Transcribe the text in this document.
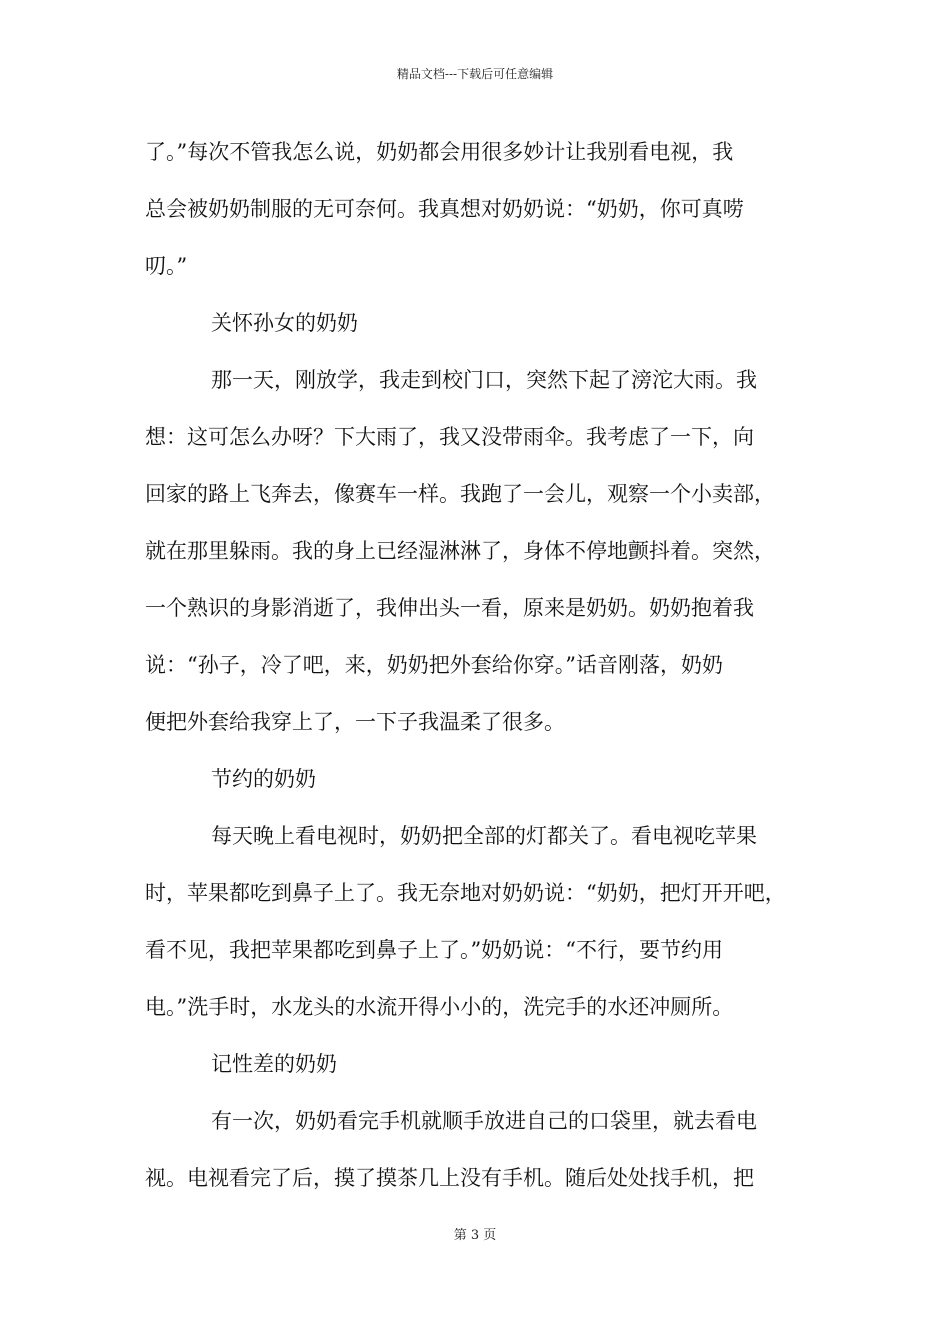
精品文档---下载后可任意编辑
了。”每次不管我怎么说，奶奶都会用很多妙计让我别看电视，我
总会被奶奶制服的无可奈何。我真想对奶奶说：“奶奶，你可真唠
叨。”
关怀孙女的奶奶
那一天，刚放学，我走到校门口，突然下起了滂沱大雨。我
想：这可怎么办呀？下大雨了，我又没带雨伞。我考虑了一下，向
回家的路上飞奔去，像赛车一样。我跑了一会儿，观察一个小卖部，
就在那里躲雨。我的身上已经湿淋淋了，身体不停地颤抖着。突然，
一个熟识的身影消逝了，我伸出头一看，原来是奶奶。奶奶抱着我
说：“孙子，冷了吧，来，奶奶把外套给你穿。”话音刚落，奶奶
便把外套给我穿上了，一下子我温柔了很多。
节约的奶奶
每天晚上看电视时，奶奶把全部的灯都关了。看电视吃苹果
时，苹果都吃到鼻子上了。我无奈地对奶奶说：“奶奶，把灯开开吧，
看不见，我把苹果都吃到鼻子上了。”奶奶说：“不行，要节约用
电。”洗手时，水龙头的水流开得小小的，洗完手的水还冲厕所。
记性差的奶奶
有一次，奶奶看完手机就顺手放进自己的口袋里，就去看电
视。电视看完了后，摸了摸茶几上没有手机。随后处处找手机，把
第 3 页
